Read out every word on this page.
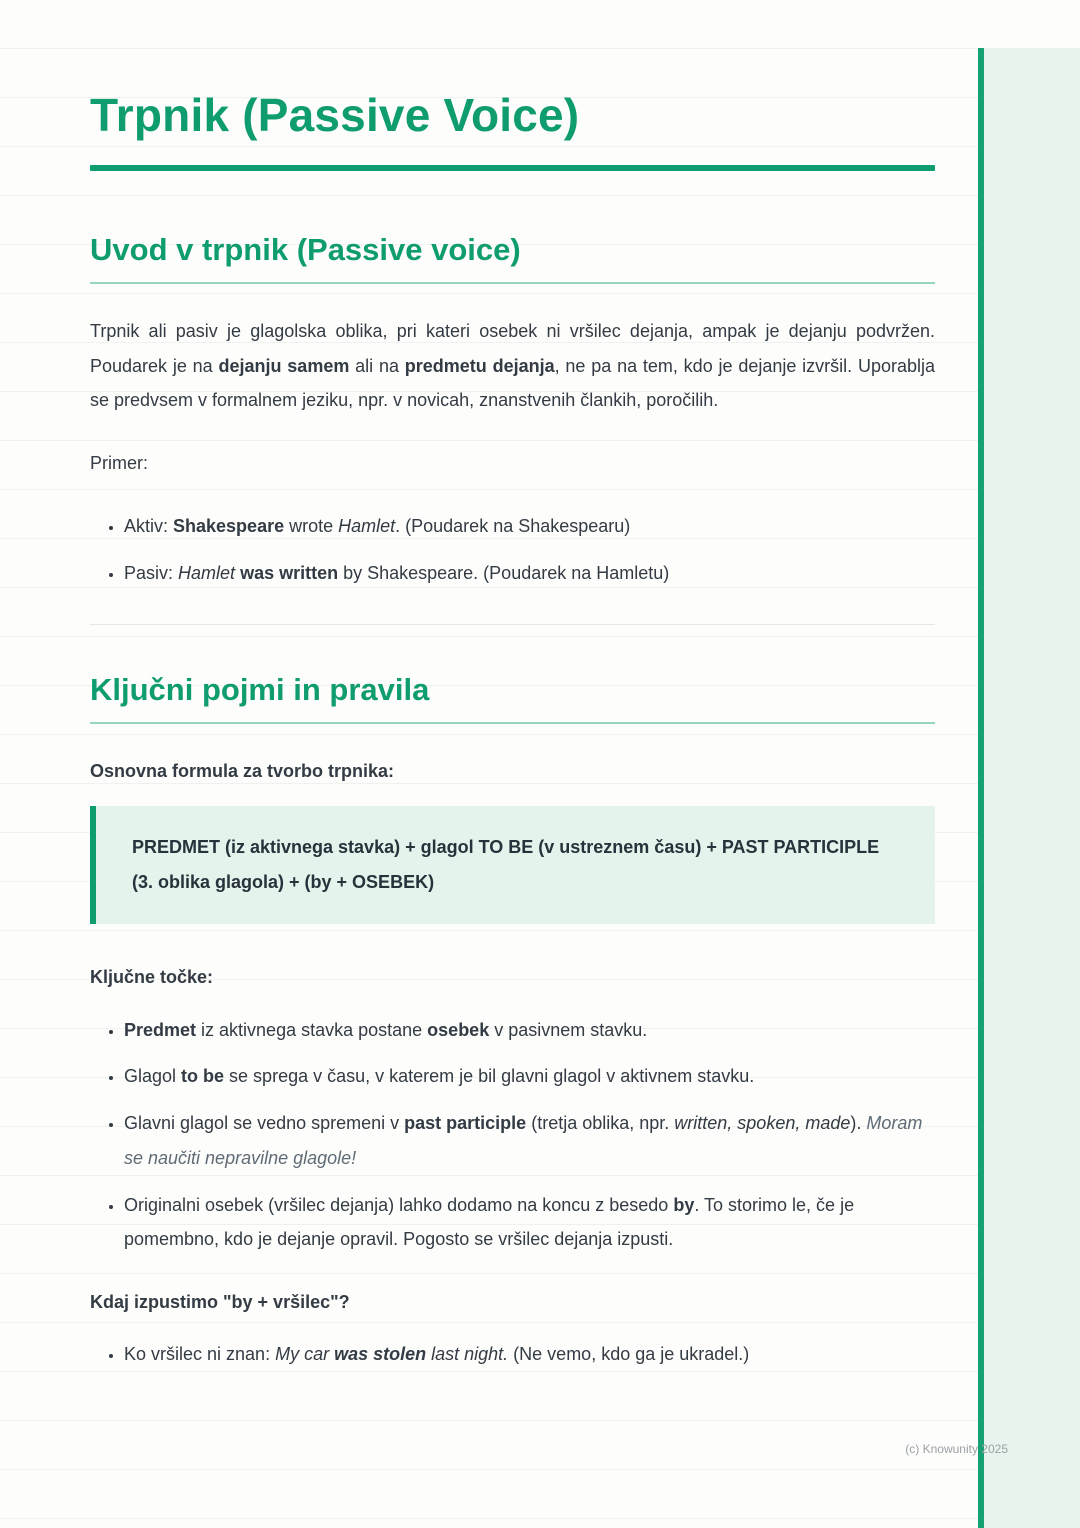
Trpnik (Passive Voice)
Uvod v trpnik (Passive voice)

Trpnik ali pasiv je glagolska oblika, pri kateri osebek ni vršilec dejanja, ampak je dejanju podvržen. Poudarek je na dejanju samem ali na predmetu dejanja, ne pa na tem, kdo je dejanje izvršil. Uporablja se predvsem v formalnem jeziku, npr. v novicah, znanstvenih člankih, poročilih.

Primer:

• Aktiv: Shakespeare wrote Hamlet. (Poudarek na Shakespearu)
• Pasiv: Hamlet was written by Shakespeare. (Poudarek na Hamletu)
Ključni pojmi in pravila

Osnovna formula za tvorbo trpnika:

PREDMET (iz aktivnega stavka) + glagol TO BE (v ustreznem času) + PAST PARTICIPLE (3. oblika glagola) + (by + OSEBEK)

Ključne točke:

• Predmet iz aktivnega stavka postane osebek v pasivnem stavku.
• Glagol to be se sprega v času, v katerem je bil glavni glagol v aktivnem stavku.
• Glavni glagol se vedno spremeni v past participle (tretja oblika, npr. written, spoken, made). Moram se naučiti nepravilne glagole!
• Originalni osebek (vršilec dejanja) lahko dodamo na koncu z besedo by. To storimo le, če je pomembno, kdo je dejanje opravil. Pogosto se vršilec dejanja izpusti.

Kdaj izpustimo "by + vršilec"?

• Ko vršilec ni znan: My car was stolen last night. (Ne vemo, kdo ga je ukradel.)
(c) Knowunity 2025
